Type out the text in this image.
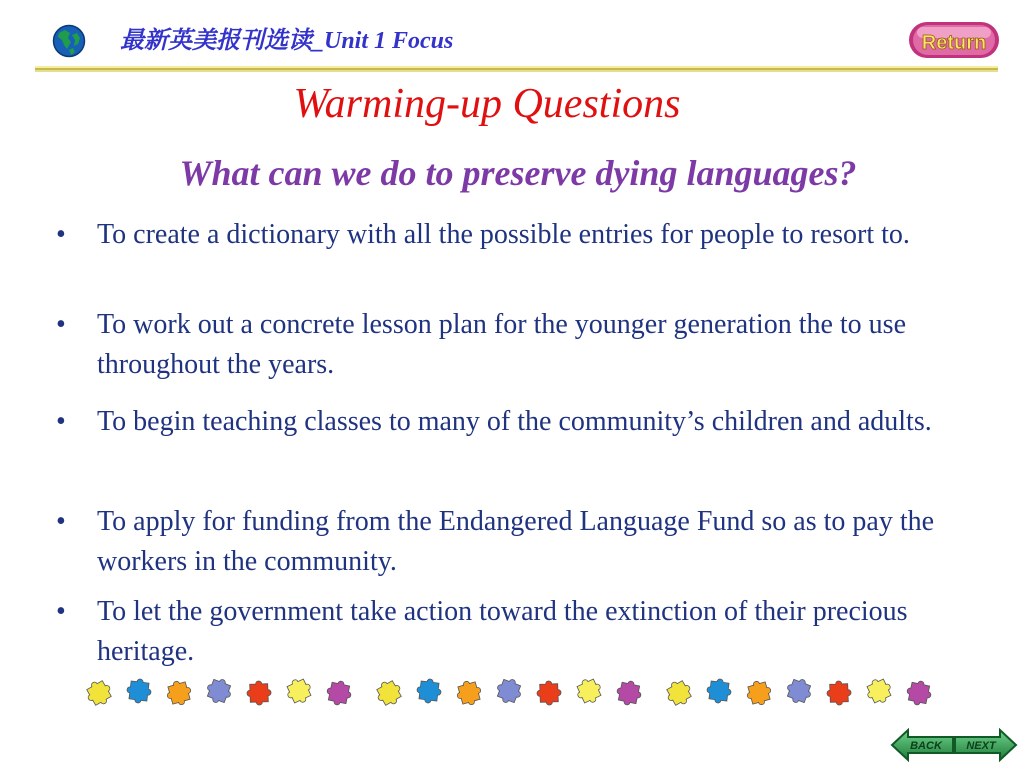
最新英美报刊选读_Unit 1 Focus	Return
Warming-up Questions
What can we do to preserve dying languages?
•	To create a dictionary with all the possible entries for people to resort to.
•	To work out a concrete lesson plan for the younger generation the to use throughout the years.
•	To begin teaching classes to many of the community’s children and adults.
•	To apply for funding from the Endangered Language Fund so as to pay the workers in the community.
•	To let the government take action toward the extinction of their precious heritage.
BACK NEXT
